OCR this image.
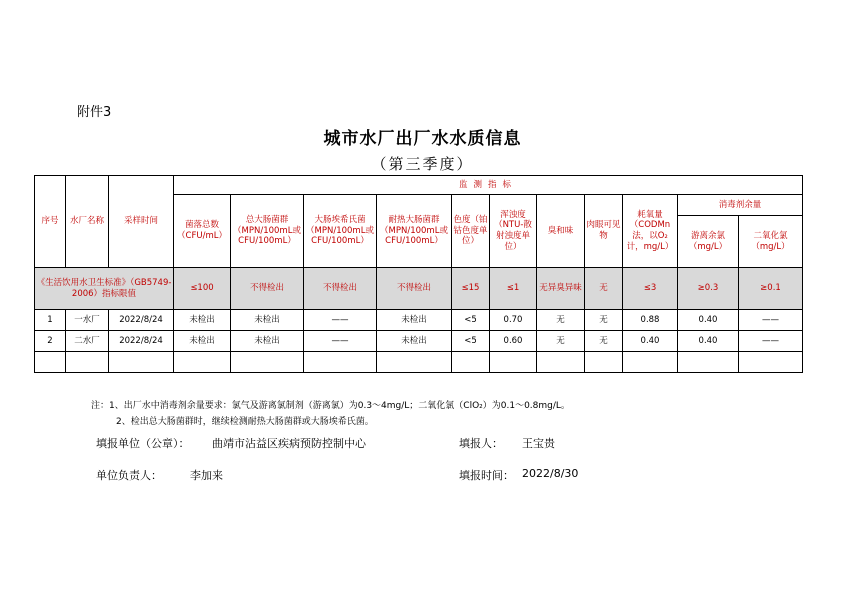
附件3
城市水厂出厂水水质信息
（第三季度）
序号	水厂名称	采样时间	监测指标										
			菌落总数（CFU/mL）	总大肠菌群（MPN/100mL或CFU/100mL）	大肠埃希氏菌（MPN/100mL或CFU/100mL）	耐热大肠菌群（MPN/100mL或CFU/100mL）	色度（铂钴色度单位）	浑浊度（NTU-散射浊度单位）	臭和味	肉眼可见物	耗氧量（CODMn法，以O₂计，mg/L）	消毒剂余量	
												游离余氯（mg/L）	二氧化氯（mg/L）
《生活饮用水卫生标准》（GB5749-2006）指标限值			≤100	不得检出	不得检出	不得检出	≤15	≤1	无异臭异味	无	≤3	≥0.3	≥0.1
1	一水厂	2022/8/24	未检出	未检出	——	未检出	<5	0.70	无	无	0.88	0.40	——
2	二水厂	2022/8/24	未检出	未检出	——	未检出	<5	0.60	无	无	0.40	0.40	——

注：1、出厂水中消毒剂余量要求：氯气及游离氯制剂（游离氯）为0.3～4mg/L；二氧化氯（ClO₂）为0.1～0.8mg/L。
2、检出总大肠菌群时，继续检测耐热大肠菌群或大肠埃希氏菌。
填报单位（公章）： 曲靖市沾益区疾病预防控制中心	填报人： 王宝贵
单位负责人：	李加来	填报时间： 2022/8/30
